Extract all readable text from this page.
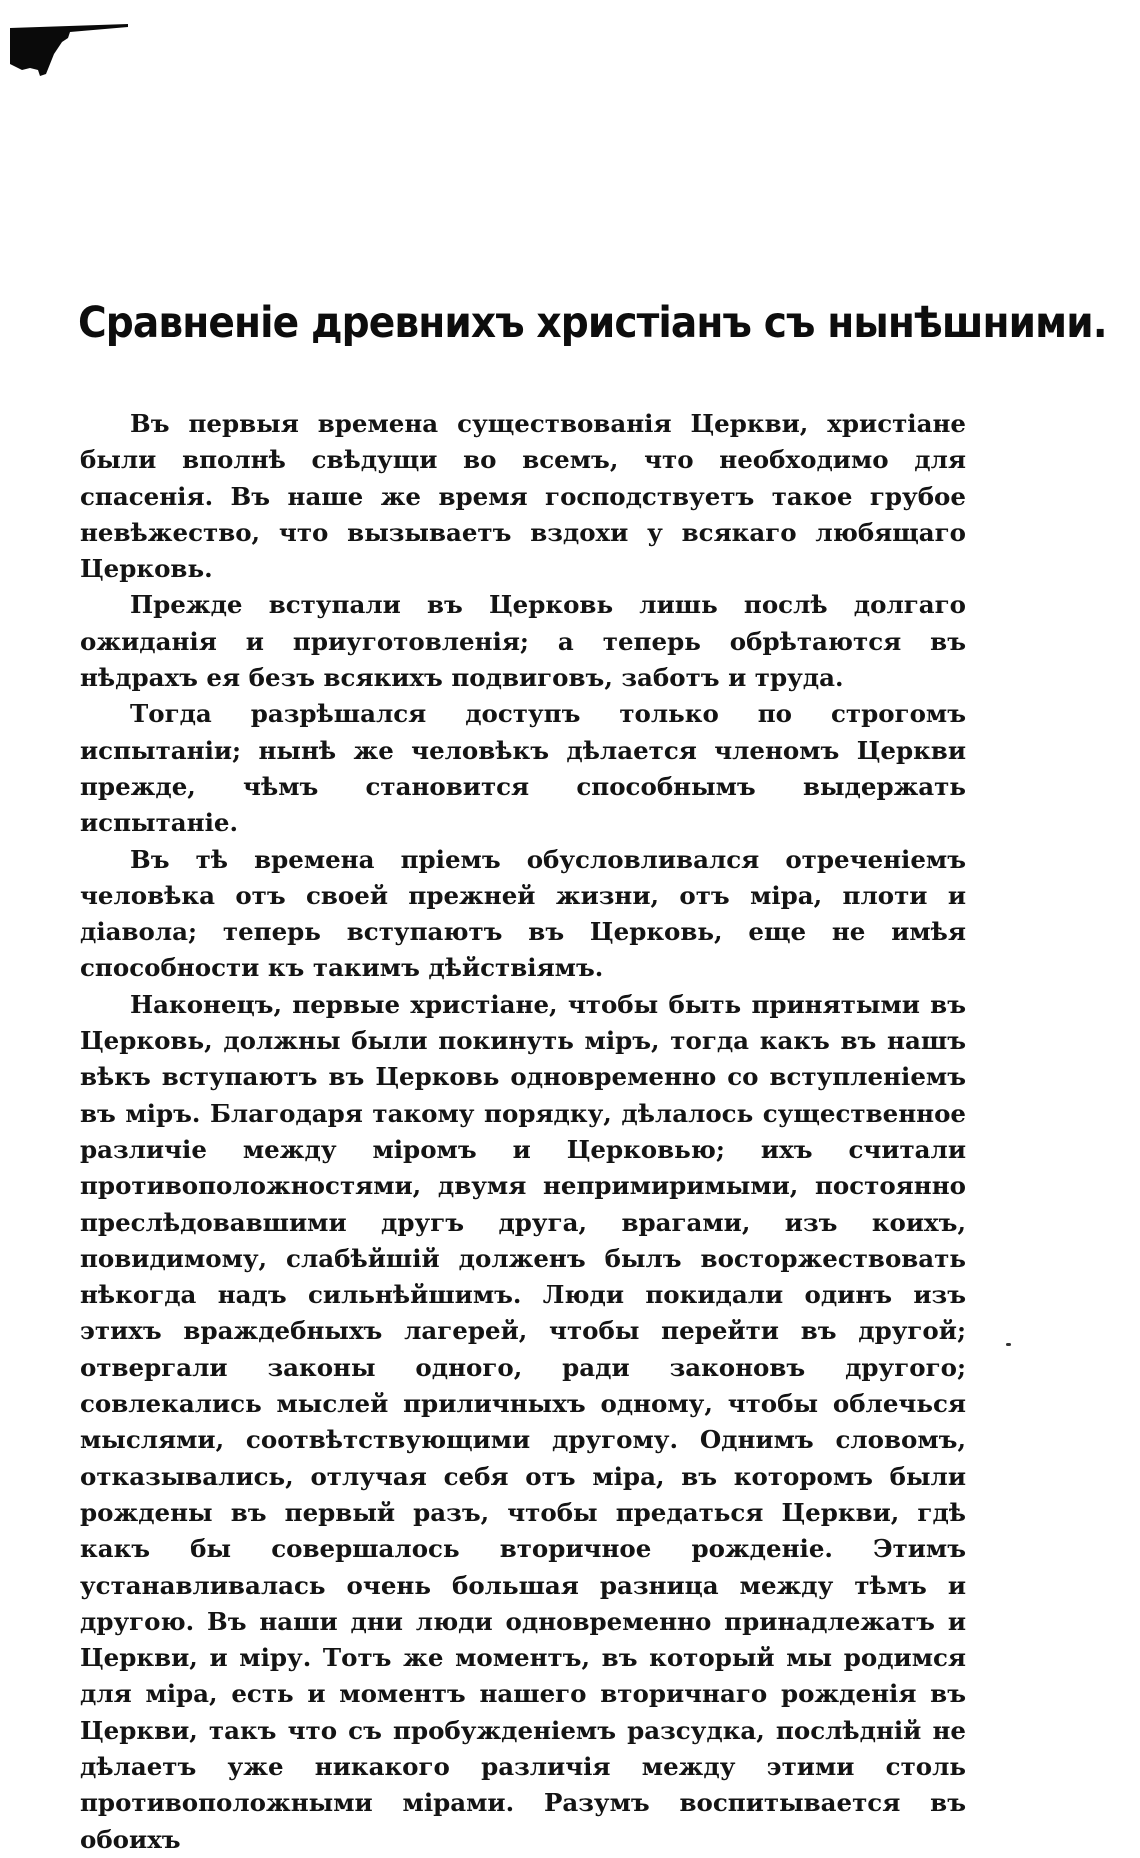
Сравненіе древнихъ христіанъ съ нынѣшними.

Въ первыя времена существованія Церкви, христіане были вполнѣ свѣдущи во всемъ, что необходимо для спасенія. Въ наше же время господствуетъ такое грубое невѣжество, что вызываетъ вздохи у всякаго любящаго Церковь.

Прежде вступали въ Церковь лишь послѣ долгаго ожиданія и приуготовленія; а теперь обрѣтаются въ нѣдрахъ ея безъ всякихъ подвиговъ, заботъ и труда.

Тогда разрѣшался доступъ только по строгомъ испытаніи; нынѣ же человѣкъ дѣлается членомъ Церкви прежде, чѣмъ становится способнымъ выдержать испытаніе.

Въ тѣ времена пріемъ обусловливался отреченіемъ человѣка отъ своей прежней жизни, отъ міра, плоти и діавола; теперь вступаютъ въ Церковь, еще не имѣя способности къ такимъ дѣйствіямъ.

Наконецъ, первые христіане, чтобы быть принятыми въ Церковь, должны были покинуть міръ, тогда какъ въ нашъ вѣкъ вступаютъ въ Церковь одновременно со вступленіемъ въ міръ. Благодаря такому порядку, дѣлалось существенное различіе между міромъ и Церковью; ихъ считали противоположностями, двумя непримиримыми, постоянно преслѣдовавшими другъ друга, врагами, изъ коихъ, повидимому, слабѣйшій долженъ былъ восторжествовать нѣкогда надъ сильнѣйшимъ. Люди покидали одинъ изъ этихъ враждебныхъ лагерей, чтобы перейти въ другой; отвергали законы одного, ради законовъ другого; совлекались мыслей приличныхъ одному, чтобы облечься мыслями, соотвѣтствующими другому. Однимъ словомъ, отказывались, отлучая себя отъ міра, въ которомъ были рождены въ первый разъ, чтобы предаться Церкви, гдѣ какъ бы совершалось вторичное рожденіе. Этимъ устанавливалась очень большая разница между тѣмъ и другою. Въ наши дни люди одновременно принадлежатъ и Церкви, и міру. Тотъ же моментъ, въ который мы родимся для міра, есть и моментъ нашего вторичнаго рожденія въ Церкви, такъ что съ пробужденіемъ разсудка, послѣдній не дѣлаетъ уже никакого различія между этими столь противоположными мірами. Разумъ воспитывается въ обоихъ
